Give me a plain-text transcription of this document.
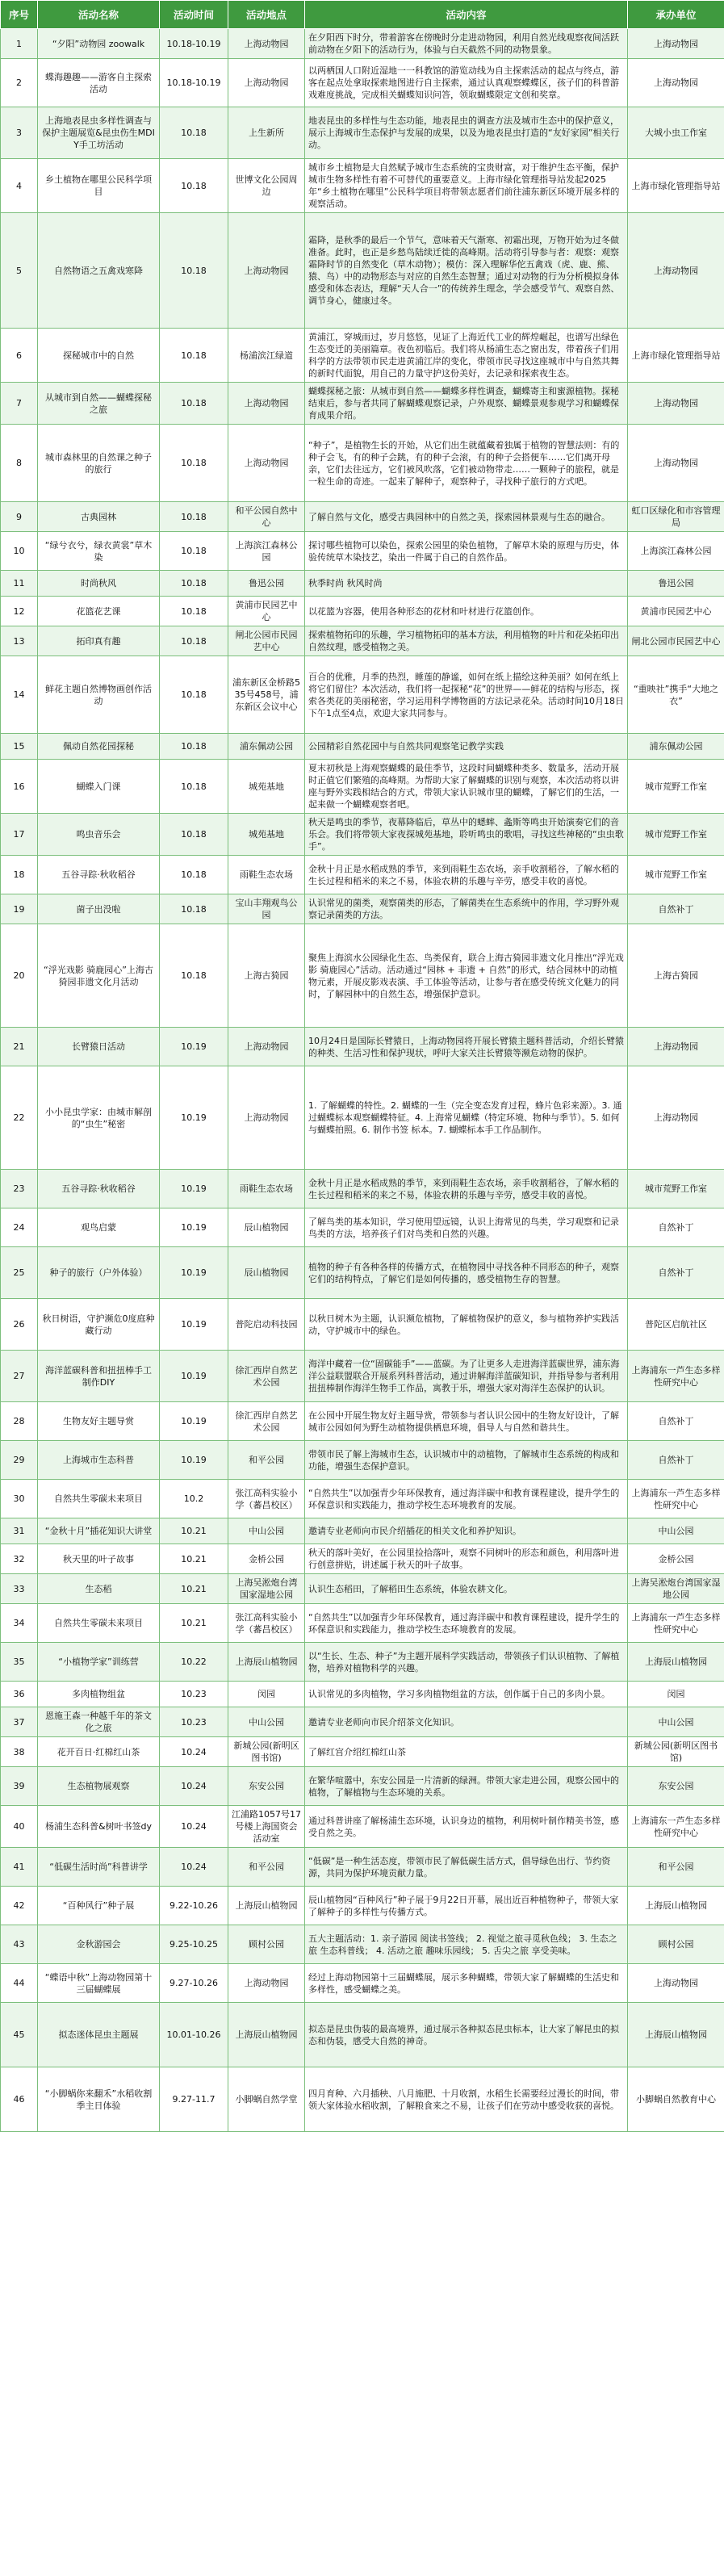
序号	活动名称	活动时间	活动地点	活动内容	承办单位
1	“夕阳”动物园 zoowalk	10.18-10.19	上海动物园	在夕阳西下时分，带着游客在傍晚时分走进动物园，利用自然光线观察夜间活跃前动物在夕阳下的活动行为，体验与白天截然不同的动物景象。	上海动物园
2	蝶海趣趣——游客自主探索活动	10.18-10.19	上海动物园	以两栖国人口附近湿地一一科教馆的游览动线为自主探索活动的起点与终点，游客在起点处拿取探索地图进行自主探索，通过认真观察蝶蝶区，孩子们的科普游戏难度挑战，完成相关蝴蝶知识问答，领取蝴蝶限定文创和奖章。	上海动物园
3	上海地表昆虫多样性调查与保护主题展览&昆虫伤生MDIY手工坊活动	10.18	上生新所	地表昆虫的多样性与生态功能，地表昆虫的调查方法及城市生态中的保护意义，展示上海城市生态保护与发展的成果，以及为地表昆虫打造的“友好家园”相关行动。	大城小虫工作室
4	乡土植物在哪里公民科学项目	10.18	世博文化公园周边	城市乡土植物是大自然赋予城市生态系统的宝贵财富，对于维护生态平衡，保护城市生物多样性有着不可替代的重要意义。上海市绿化管理指导站发起2025年“乡土植物在哪里”公民科学项目将带领志愿者们前往浦东新区环境开展多样的观察活动。	上海市绿化管理指导站
5	自然物语之五禽戏寒降	10.18	上海动物园	霜降，是秋季的最后一个节气，意味着天气渐寒、初霜出现，万物开始为过冬做准备。此时，也正是乡愁鸟陆续迁徙的高峰期。活动将引导参与者：观察：观察霜降时节的自然变化（草木动物）；模仿：深入理解华佗五禽戏（虎、鹿、熊、猿、鸟）中的动物形态与对应的自然生态智慧；通过对动物的行为分析模拟身体感受和体态表达，理解“天人合一”的传统养生理念，学会感受节气、观察自然、调节身心，健康过冬。	上海动物园
6	探秘城市中的自然	10.18	杨浦滨江绿道	黄浦江，穿城而过，岁月悠悠，见证了上海近代工业的辉煌崛起，也谱写出绿色生态变迁的美丽篇章。夜色初临后。我们将从杨浦生态之窗出发，带着孩子们用科学的方法带领市民走进黄浦江岸的变化，带领市民寻找这座城市中与自然共舞的新时代面貌，用自己的力量守护这份美好，去记录和探索夜生态。	上海市绿化管理指导站
7	从城市到自然——蝴蝶探秘之旅	10.18	上海动物园	蝴蝶探秘之旅：从城市到自然——蝴蝶多样性调查，蝴蝶寄主和蜜源植物。探秘结束后，参与者共同了解蝴蝶观察记录，户外观察、蝴蝶景观参观学习和蝴蝶保育成果介绍。	上海动物园
8	城市森林里的自然课之种子的旅行	10.18	上海动物园	“种子”，是植物生长的开始，从它们出生就蕴藏着独属于植物的智慧法则：有的种子会飞，有的种子会跳，有的种子会滚，有的种子会搭便车……它们离开母亲，它们去往远方，它们被风吹落，它们被动物带走……一颗种子的旅程，就是一粒生命的奇迹。一起来了解种子，观察种子，寻找种子旅行的方式吧。	上海动物园
9	古典园林	10.18	和平公园自然中心	了解自然与文化，感受古典园林中的自然之美，探索园林景观与生态的融合。	虹口区绿化和市容管理局
10	“绿兮衣兮，绿衣黄裳”草木染	10.18	上海滨江森林公园	探讨哪些植物可以染色，探索公园里的染色植物，了解草木染的原理与历史，体验传统草木染技艺，染出一件属于自己的自然作品。	上海滨江森林公园
11	时尚秋风	10.18	鲁迅公园	秋季时尚 秋风时尚	鲁迅公园
12	花篮花艺课	10.18	黄浦市民园艺中心	以花篮为容器，使用各种形态的花材和叶材进行花篮创作。	黄浦市民园艺中心
13	拓印真有趣	10.18	闸北公园市民园艺中心	探索植物拓印的乐趣，学习植物拓印的基本方法，利用植物的叶片和花朵拓印出自然纹理，感受植物之美。	闸北公园市民园艺中心
14	鲜花主题自然博物画创作活动	10.18	浦东新区金桥路535号458号，浦东新区会议中心	百合的优雅，月季的热烈，睡莲的静谧，如何在纸上描绘这种美丽？如何在纸上将它们留住？本次活动，我们将一起探秘“花”的世界——鲜花的结构与形态，探索各类花的美丽秘密，学习运用科学博物画的方法记录花朵。活动时间10月18日下午1点至4点，欢迎大家共同参与。	“重映社”携手“大地之衣”
15	佩动自然花园探秘	10.18	浦东佩动公园	公园精彩自然花园中与自然共同观察笔记教学实践	浦东佩动公园
16	蝴蝶入门课	10.18	城苑基地	夏末初秋是上海观察蝴蝶的最佳季节，这段时间蝴蝶种类多、数量多，活动开展时正值它们繁殖的高峰期。为帮助大家了解蝴蝶的识别与观察，本次活动将以讲座与野外实践相结合的方式，带领大家认识城市里的蝴蝶，了解它们的生活，一起来做一个蝴蝶观察者吧。	城市荒野工作室
17	鸣虫音乐会	10.18	城苑基地	秋天是鸣虫的季节，夜幕降临后，草丛中的蟋蟀、螽斯等鸣虫开始演奏它们的音乐会。我们将带领大家夜探城苑基地，聆听鸣虫的歌唱，寻找这些神秘的“虫虫歌手”。	城市荒野工作室
18	五谷寻踪·秋收稻谷	10.18	雨鞋生态农场	金秋十月正是水稻成熟的季节，来到雨鞋生态农场，亲手收割稻谷，了解水稻的生长过程和稻米的来之不易，体验农耕的乐趣与辛劳，感受丰收的喜悦。	城市荒野工作室
19	菌子出没啦	10.18	宝山丰翔观鸟公园	认识常见的菌类，观察菌类的形态，了解菌类在生态系统中的作用，学习野外观察记录菌类的方法。	自然补丁
20	“浮光戏影 骑鹿园心”上海古猗园非遗文化月活动	10.18	上海古猗园	聚焦上海滨水公园绿化生态、鸟类保育，联合上海古猗园非遗文化月推出“浮光戏影 骑鹿园心”活动。活动通过“园林 + 非遗 + 自然”的形式，结合园林中的动植物元素，开展皮影戏表演、手工体验等活动，让参与者在感受传统文化魅力的同时，了解园林中的自然生态，增强保护意识。	上海古猗园
21	长臂猿日活动	10.19	上海动物园	10月24日是国际长臂猿日，上海动物园将开展长臂猿主题科普活动，介绍长臂猿的种类、生活习性和保护现状，呼吁大家关注长臂猿等濒危动物的保护。	上海动物园
22	小小昆虫学家：由城市解剖的“虫生”秘密	10.19	上海动物园	1. 了解蝴蝶的特性。2. 蝴蝶的一生（完全变态发育过程，蜂片色彩来源）。3. 通过蝴蝶标本观察蝴蝶特征。4. 上海常见蝴蝶（特定环境、物种与季节）。5. 如何与蝴蝶拍照。6. 制作书签 标本。7. 蝴蝶标本手工作品制作。	上海动物园
23	五谷寻踪·秋收稻谷	10.19	雨鞋生态农场	金秋十月正是水稻成熟的季节，来到雨鞋生态农场，亲手收割稻谷，了解水稻的生长过程和稻米的来之不易，体验农耕的乐趣与辛劳，感受丰收的喜悦。	城市荒野工作室
24	观鸟启蒙	10.19	辰山植物园	了解鸟类的基本知识，学习使用望远镜，认识上海常见的鸟类，学习观察和记录鸟类的方法，培养孩子们对鸟类和自然的兴趣。	自然补丁
25	种子的旅行（户外体验）	10.19	辰山植物园	植物的种子有各种各样的传播方式，在植物园中寻找各种不同形态的种子，观察它们的结构特点，了解它们是如何传播的，感受植物生存的智慧。	自然补丁
26	秋日树语，守护濒危0度庭种藏行动	10.19	普陀启动科技园	以秋日树木为主题，认识濒危植物，了解植物保护的意义，参与植物养护实践活动，守护城市中的绿色。	普陀区启航社区
27	海洋蓝碳科普和扭扭棒手工制作DIY	10.19	徐汇西岸自然艺术公园	海洋中藏着一位“固碳能手”——蓝碳。为了让更多人走进海洋蓝碳世界，浦东海洋公益联盟联合开展系列科普活动，通过讲解海洋蓝碳知识，并指导参与者利用扭扭棒制作海洋生物手工作品，寓教于乐，增强大家对海洋生态保护的认识。	上海浦东一芦生态多样性研究中心
28	生物友好主题导赏	10.19	徐汇西岸自然艺术公园	在公园中开展生物友好主题导赏，带领参与者认识公园中的生物友好设计，了解城市公园如何为野生动植物提供栖息环境，倡导人与自然和谐共生。	自然补丁
29	上海城市生态科普	10.19	和平公园	带领市民了解上海城市生态，认识城市中的动植物，了解城市生态系统的构成和功能，增强生态保护意识。	自然补丁
30	自然共生零碳未来项目	10.2	张江高科实验小学（蕃昌校区）	“自然共生”以加强青少年环保教育，通过海洋碳中和教育课程建设，提升学生的环保意识和实践能力，推动学校生态环境教育的发展。	上海浦东一芦生态多样性研究中心
31	“金秋十月”插花知识大讲堂	10.21	中山公园	邀请专业老师向市民介绍插花的相关文化和养护知识。	中山公园
32	秋天里的叶子故事	10.21	金桥公园	秋天的落叶美好，在公园里捡拾落叶，观察不同树叶的形态和颜色，利用落叶进行创意拼贴，讲述属于秋天的叶子故事。	金桥公园
33	生态稻	10.21	上海吴淞炮台湾国家湿地公园	认识生态稻田，了解稻田生态系统，体验农耕文化。	上海吴淞炮台湾国家湿地公园
34	自然共生零碳未来项目	10.21	张江高科实验小学（蕃昌校区）	“自然共生”以加强青少年环保教育，通过海洋碳中和教育课程建设，提升学生的环保意识和实践能力，推动学校生态环境教育的发展。	上海浦东一芦生态多样性研究中心
35	“小植物学家”训练营	10.22	上海辰山植物园	以“生长、生态、种子”为主题开展科学实践活动，带领孩子们认识植物、了解植物，培养对植物科学的兴趣。	上海辰山植物园
36	多肉植物组盆	10.23	闵园	认识常见的多肉植物，学习多肉植物组盆的方法，创作属于自己的多肉小景。	闵园
37	恩施王森一种越千年的茶文化之旅	10.23	中山公园	邀请专业老师向市民介绍茶文化知识。	中山公园
38	花开百日·红棉红山茶	10.24	新城公园(新明区图书馆)	了解红宫介绍红棉红山茶	新城公园(新明区图书馆)
39	生态植物展观察	10.24	东安公园	在繁华喧嚣中，东安公园是一片清新的绿洲。带领大家走进公园，观察公园中的植物，了解植物与生态环境的关系。	东安公园
40	杨浦生态科普&树叶书签dy	10.24	江浦路1057号17号楼上海国资会活动室	通过科普讲座了解杨浦生态环境，认识身边的植物，利用树叶制作精美书签，感受自然之美。	上海浦东一芦生态多样性研究中心
41	“低碳生活时尚”科普讲学	10.24	和平公园	“低碳”是一种生活态度，带领市民了解低碳生活方式，倡导绿色出行、节约资源，共同为保护环境贡献力量。	和平公园
42	“百种风行”种子展	9.22-10.26	上海辰山植物园	辰山植物园“百种风行”种子展于9月22日开幕，展出近百种植物种子，带领大家了解种子的多样性与传播方式。	上海辰山植物园
43	金秋游园会	9.25-10.25	顾村公园	五大主题活动：1. 亲子游园 阅读书签线； 2. 视觉之旅寻觅秋色线； 3. 生态之旅 生态科普线； 4. 活动之旅 趣味乐园线； 5. 舌尖之旅 享受美味。	顾村公园
44	“蝶语中秋”上海动物园第十三届蝴蝶展	9.27-10.26	上海动物园	经过上海动物园第十三届蝴蝶展，展示多种蝴蝶，带领大家了解蝴蝶的生活史和多样性，感受蝴蝶之美。	上海动物园
45	拟态迷体昆虫主题展	10.01-10.26	上海辰山植物园	拟态是昆虫伪装的最高境界，通过展示各种拟态昆虫标本，让大家了解昆虫的拟态和伪装，感受大自然的神奇。	上海辰山植物园
46	“小脚蜗你来翻禾”水稻收割季主日体验	9.27-11.7	小脚蜗自然学堂	四月育种、六月插秧、八月施肥、十月收割，水稻生长需要经过漫长的时间，带领大家体验水稻收割，了解粮食来之不易，让孩子们在劳动中感受收获的喜悦。	小脚蜗自然教育中心
